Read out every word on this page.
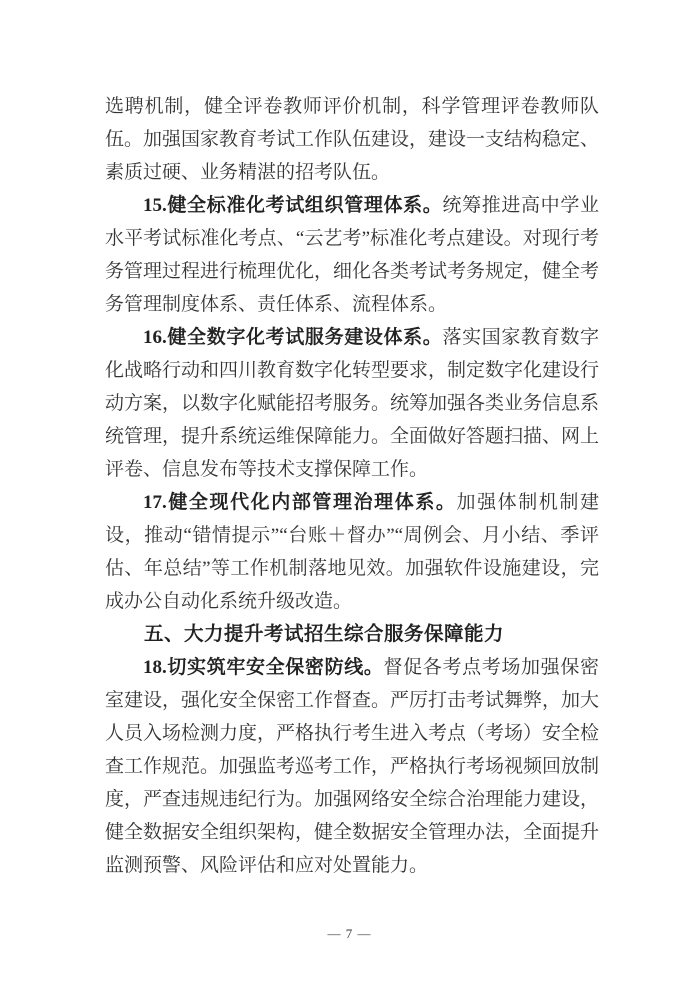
选聘机制，健全评卷教师评价机制，科学管理评卷教师队伍。加强国家教育考试工作队伍建设，建设一支结构稳定、素质过硬、业务精湛的招考队伍。

15.健全标准化考试组织管理体系。统筹推进高中学业水平考试标准化考点、“云艺考”标准化考点建设。对现行考务管理过程进行梳理优化，细化各类考试考务规定，健全考务管理制度体系、责任体系、流程体系。

16.健全数字化考试服务建设体系。落实国家教育数字化战略行动和四川教育数字化转型要求，制定数字化建设行动方案，以数字化赋能招考服务。统筹加强各类业务信息系统管理，提升系统运维保障能力。全面做好答题扫描、网上评卷、信息发布等技术支撑保障工作。

17.健全现代化内部管理治理体系。加强体制机制建设，推动“错情提示”“台账＋督办”“周例会、月小结、季评估、年总结”等工作机制落地见效。加强软件设施建设，完成办公自动化系统升级改造。

五、大力提升考试招生综合服务保障能力

18.切实筑牢安全保密防线。督促各考点考场加强保密室建设，强化安全保密工作督查。严厉打击考试舞弊，加大人员入场检测力度，严格执行考生进入考点（考场）安全检查工作规范。加强监考巡考工作，严格执行考场视频回放制度，严查违规违纪行为。加强网络安全综合治理能力建设，健全数据安全组织架构，健全数据安全管理办法，全面提升监测预警、风险评估和应对处置能力。

— 7 —
